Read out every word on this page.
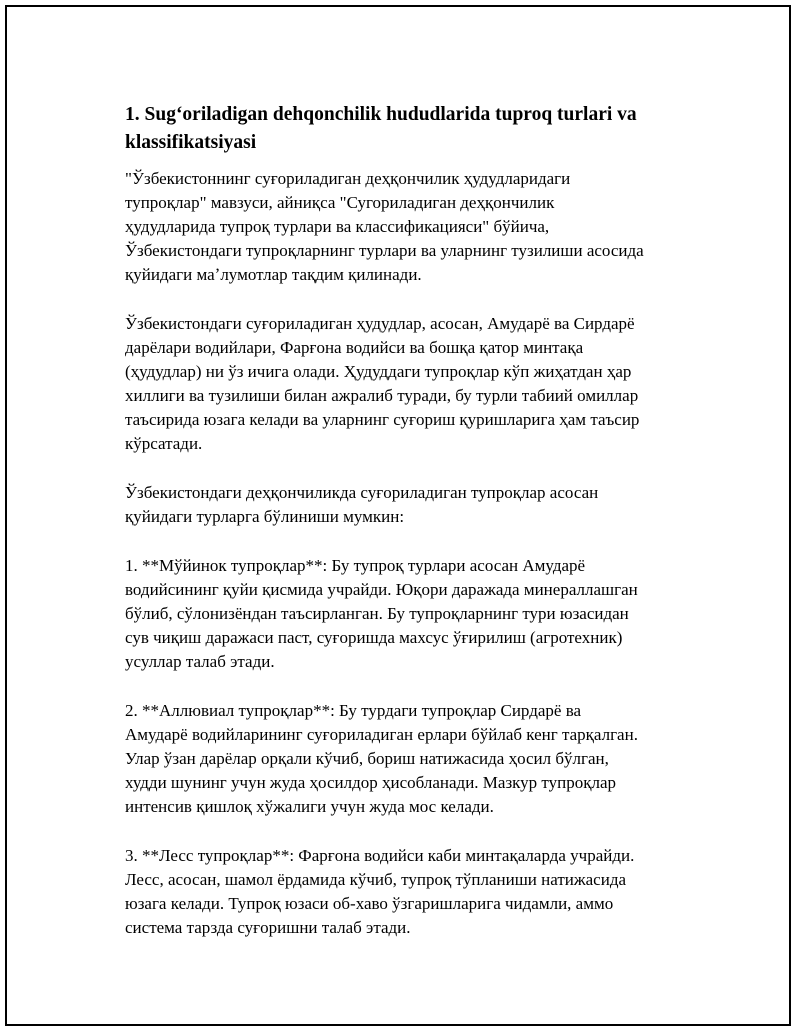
1. Sug‘oriladigan dehqonchilik hududlarida tuproq turlari va klassifikatsiyasi

"Ўзбекистоннинг суғориладиган деҳқончилик ҳудудларидаги
тупроқлар" мавзуси, айниқса "Сугориладиган деҳқончилик
ҳудудларида тупроқ турлари ва классификацияси" бўйича,
Ўзбекистондаги тупроқларнинг турлари ва уларнинг тузилиши асосида
қуйидаги маʼлумотлар тақдим қилинади.

Ўзбекистондаги суғориладиган ҳудудлар, асосан, Амударё ва Сирдарё
дарёлари водийлари, Фарғона водийси ва бошқа қатор минтақа
(ҳудудлар) ни ўз ичига олади. Ҳудуддаги тупроқлар кўп жиҳатдан ҳар
хиллиги ва тузилиши билан ажралиб туради, бу турли табиий омиллар
таъсирида юзага келади ва уларнинг суғориш қуришларига ҳам таъсир
кўрсатади.

Ўзбекистондаги деҳқончиликда суғориладиган тупроқлар асосан
қуйидаги турларга бўлиниши мумкин:

1. **Мўйинок тупроқлар**: Бу тупроқ турлари асосан Амударё
водийсининг қуйи қисмида учрайди. Юқори даражада минераллашган
бўлиб, сўлонизёндан таъсирланган. Бу тупроқларнинг тури юзасидан
сув чиқиш даражаси паст, суғоришда махсус ўғирилиш (агротехник)
усуллар талаб этади.

2. **Аллювиал тупроқлар**: Бу турдаги тупроқлар Сирдарё ва
Амударё водийларининг суғориладиган ерлари бўйлаб кенг тарқалган.
Улар ўзан дарёлар орқали кўчиб, бориш натижасида ҳосил бўлган,
худди шунинг учун жуда ҳосилдор ҳисобланади. Мазкур тупроқлар
интенсив қишлоқ хўжалиги учун жуда мос келади.

3. **Лесс тупроқлар**: Фарғона водийси каби минтақаларда учрайди.
Лесс, асосан, шамол ёрдамида кўчиб, тупроқ тўпланиши натижасида
юзага келади. Тупроқ юзаси об-хаво ўзгаришларига чидамли, аммо
система тарзда суғоришни талаб этади.
